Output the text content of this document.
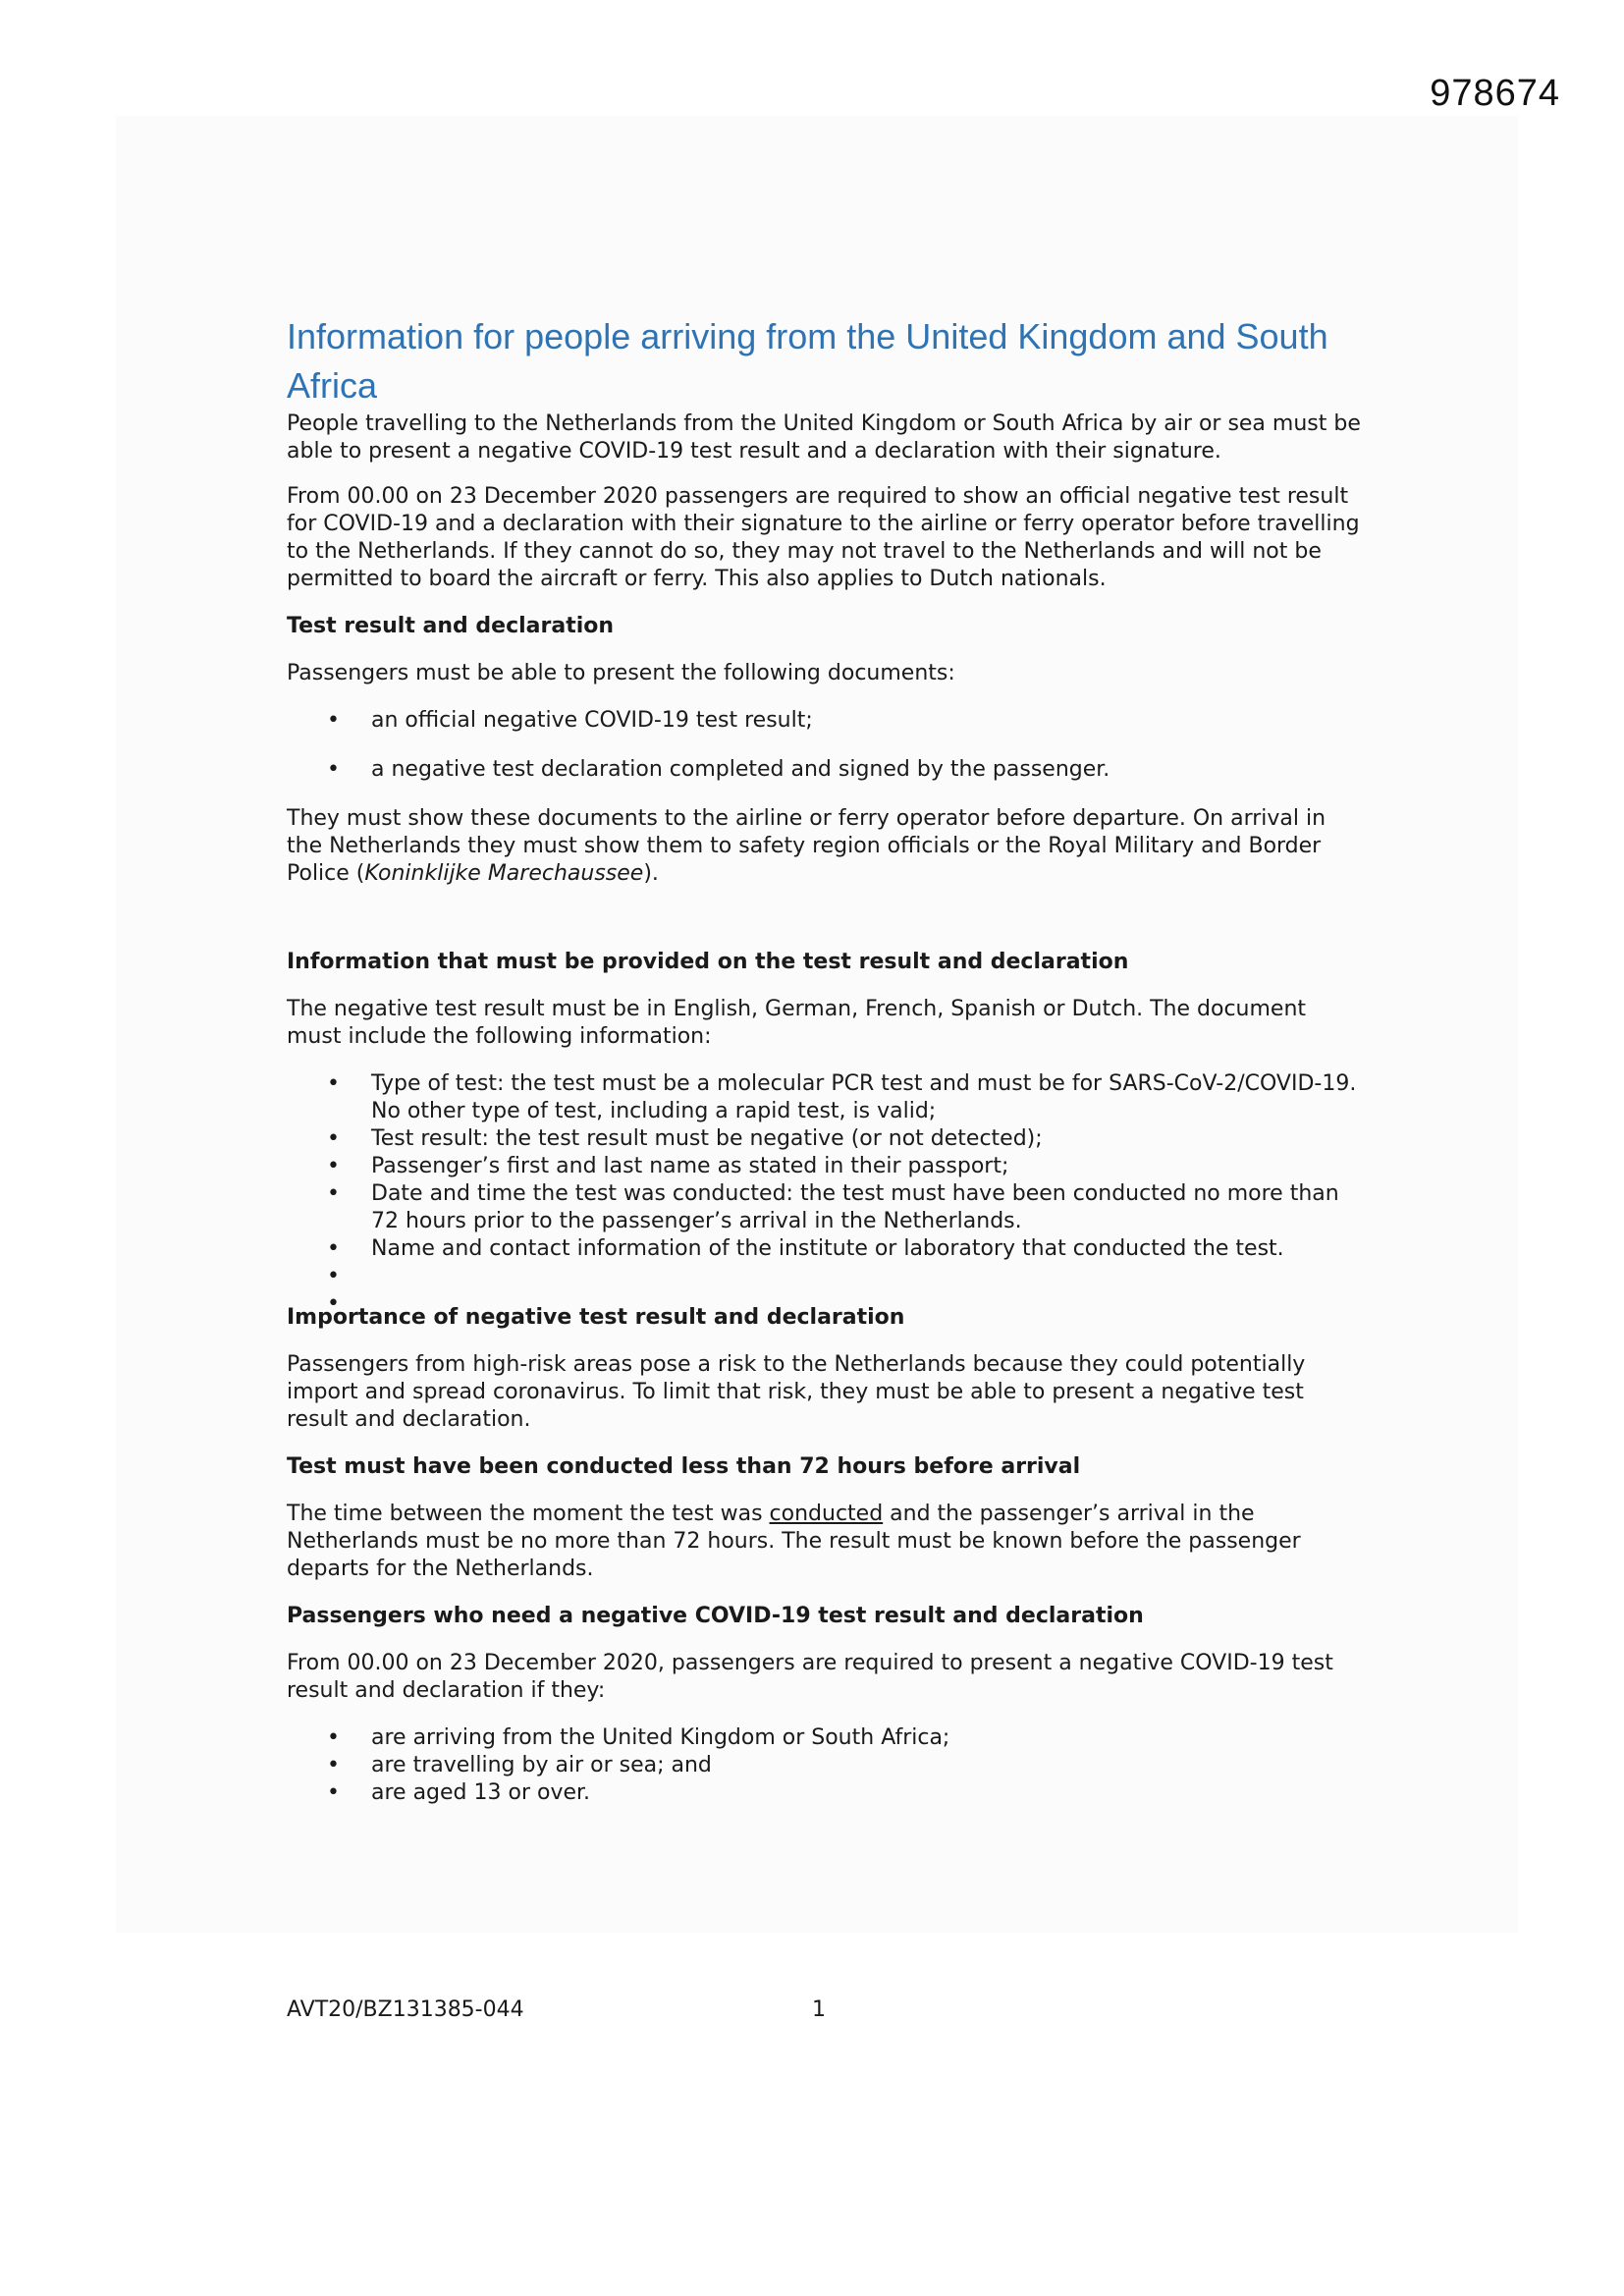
978674
Information for people arriving from the United Kingdom and South Africa

People travelling to the Netherlands from the United Kingdom or South Africa by air or sea must be able to present a negative COVID-19 test result and a declaration with their signature.

From 00.00 on 23 December 2020 passengers are required to show an official negative test result for COVID-19 and a declaration with their signature to the airline or ferry operator before travelling to the Netherlands. If they cannot do so, they may not travel to the Netherlands and will not be permitted to board the aircraft or ferry. This also applies to Dutch nationals.

Test result and declaration

Passengers must be able to present the following documents:

• an official negative COVID-19 test result;
• a negative test declaration completed and signed by the passenger.

They must show these documents to the airline or ferry operator before departure. On arrival in the Netherlands they must show them to safety region officials or the Royal Military and Border Police (Koninklijke Marechaussee).

Information that must be provided on the test result and declaration

The negative test result must be in English, German, French, Spanish or Dutch. The document must include the following information:

• Type of test: the test must be a molecular PCR test and must be for SARS-CoV-2/COVID-19. No other type of test, including a rapid test, is valid;
• Test result: the test result must be negative (or not detected);
• Passenger’s first and last name as stated in their passport;
• Date and time the test was conducted: the test must have been conducted no more than 72 hours prior to the passenger’s arrival in the Netherlands.
• Name and contact information of the institute or laboratory that conducted the test.
•
•
Importance of negative test result and declaration

Passengers from high-risk areas pose a risk to the Netherlands because they could potentially import and spread coronavirus. To limit that risk, they must be able to present a negative test result and declaration.

Test must have been conducted less than 72 hours before arrival

The time between the moment the test was conducted and the passenger’s arrival in the Netherlands must be no more than 72 hours. The result must be known before the passenger departs for the Netherlands.

Passengers who need a negative COVID-19 test result and declaration

From 00.00 on 23 December 2020, passengers are required to present a negative COVID-19 test result and declaration if they:

• are arriving from the United Kingdom or South Africa;
• are travelling by air or sea; and
• are aged 13 or over.
AVT20/BZ131385-044	1
